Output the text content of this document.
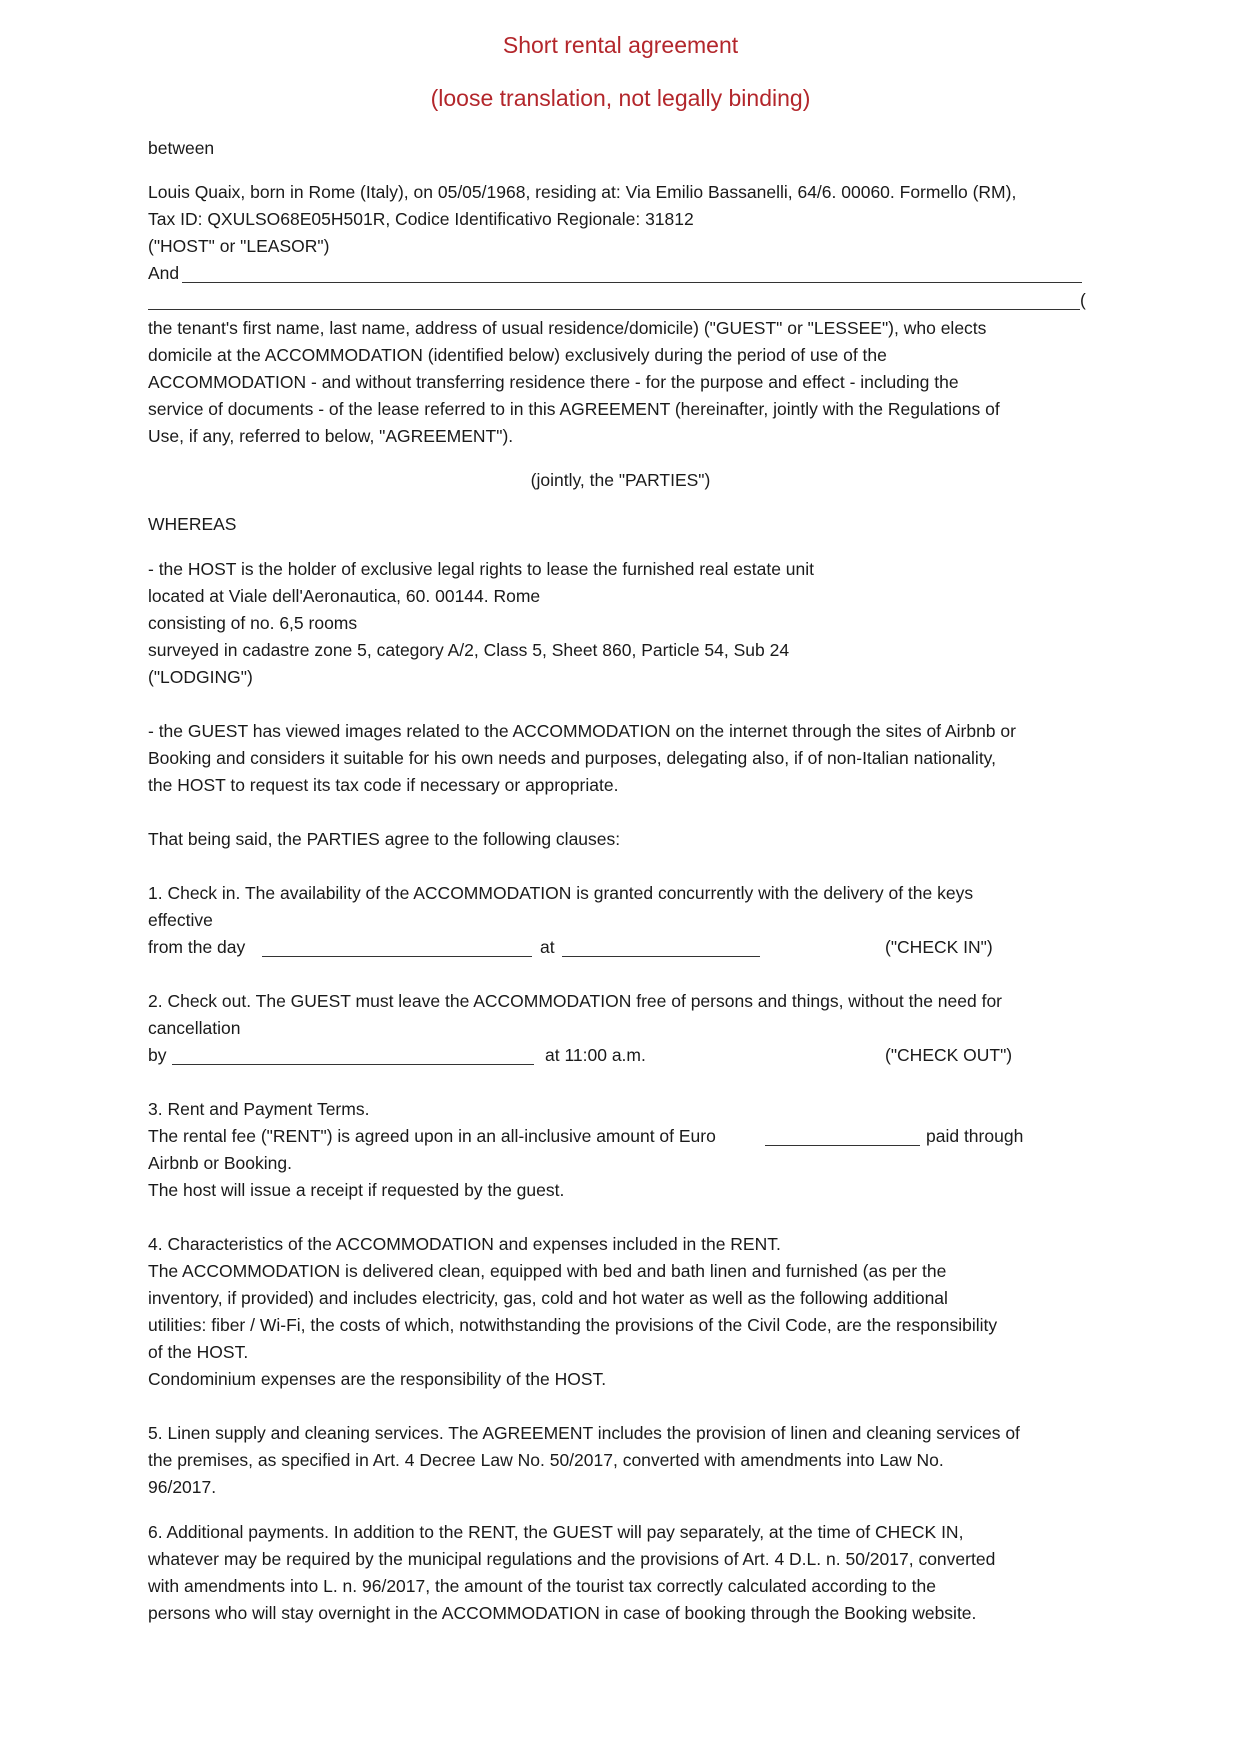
Short rental agreement
(loose translation, not legally binding)
between
Louis Quaix, born in Rome (Italy), on 05/05/1968, residing at: Via Emilio Bassanelli, 64/6. 00060. Formello (RM),
Tax ID: QXULSO68E05H501R, Codice Identificativo Regionale: 31812
("HOST" or "LEASOR")
And
(
the tenant's first name, last name, address of usual residence/domicile) ("GUEST" or "LESSEE"), who elects
domicile at the ACCOMMODATION (identified below) exclusively during the period of use of the
ACCOMMODATION - and without transferring residence there - for the purpose and effect - including the
service of documents - of the lease referred to in this AGREEMENT (hereinafter, jointly with the Regulations of
Use, if any, referred to below, "AGREEMENT").
(jointly, the "PARTIES")
WHEREAS
- the HOST is the holder of exclusive legal rights to lease the furnished real estate unit
located at Viale dell'Aeronautica, 60. 00144. Rome
consisting of no. 6,5 rooms
surveyed in cadastre zone 5, category A/2, Class 5, Sheet 860, Particle 54, Sub 24
("LODGING")
- the GUEST has viewed images related to the ACCOMMODATION on the internet through the sites of Airbnb or
Booking and considers it suitable for his own needs and purposes, delegating also, if of non-Italian nationality,
the HOST to request its tax code if necessary or appropriate.
That being said, the PARTIES agree to the following clauses:
1. Check in. The availability of the ACCOMMODATION is granted concurrently with the delivery of the keys
effective
from the day	at	("CHECK IN")
2. Check out. The GUEST must leave the ACCOMMODATION free of persons and things, without the need for
cancellation
by	at 11:00 a.m.	("CHECK OUT")
3. Rent and Payment Terms.
The rental fee ("RENT") is agreed upon in an all-inclusive amount of Euro	paid through
Airbnb or Booking.
The host will issue a receipt if requested by the guest.
4. Characteristics of the ACCOMMODATION and expenses included in the RENT.
The ACCOMMODATION is delivered clean, equipped with bed and bath linen and furnished (as per the
inventory, if provided) and includes electricity, gas, cold and hot water as well as the following additional
utilities: fiber / Wi-Fi, the costs of which, notwithstanding the provisions of the Civil Code, are the responsibility
of the HOST.
Condominium expenses are the responsibility of the HOST.
5. Linen supply and cleaning services. The AGREEMENT includes the provision of linen and cleaning services of
the premises, as specified in Art. 4 Decree Law No. 50/2017, converted with amendments into Law No.
96/2017.
6. Additional payments. In addition to the RENT, the GUEST will pay separately, at the time of CHECK IN,
whatever may be required by the municipal regulations and the provisions of Art. 4 D.L. n. 50/2017, converted
with amendments into L. n. 96/2017, the amount of the tourist tax correctly calculated according to the
persons who will stay overnight in the ACCOMMODATION in case of booking through the Booking website.
